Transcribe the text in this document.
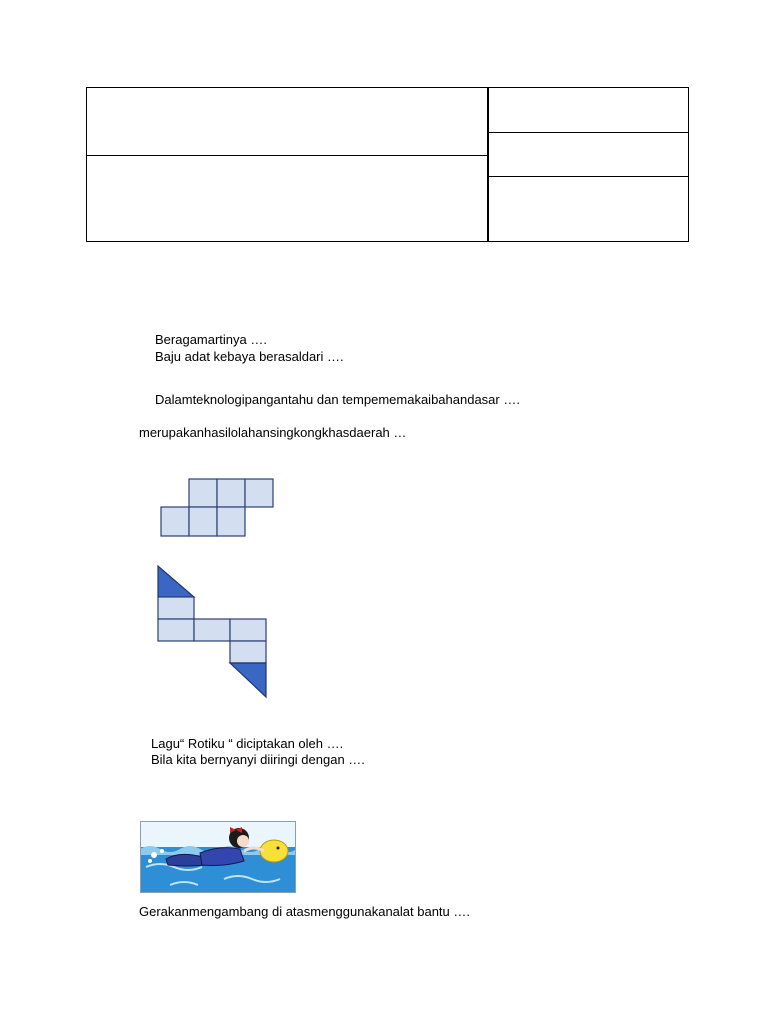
Beragamartinya ….
Baju adat kebaya berasaldari ….
Dalamteknologipangantahu dan tempememakaibahandasar ….
merupakanhasilolahansingkongkhasdaerah …
Lagu“ Rotiku “ diciptakan oleh ….
Bila kita bernyanyi diiringi dengan ….
Gerakanmengambang di atasmenggunakanalat bantu ….
